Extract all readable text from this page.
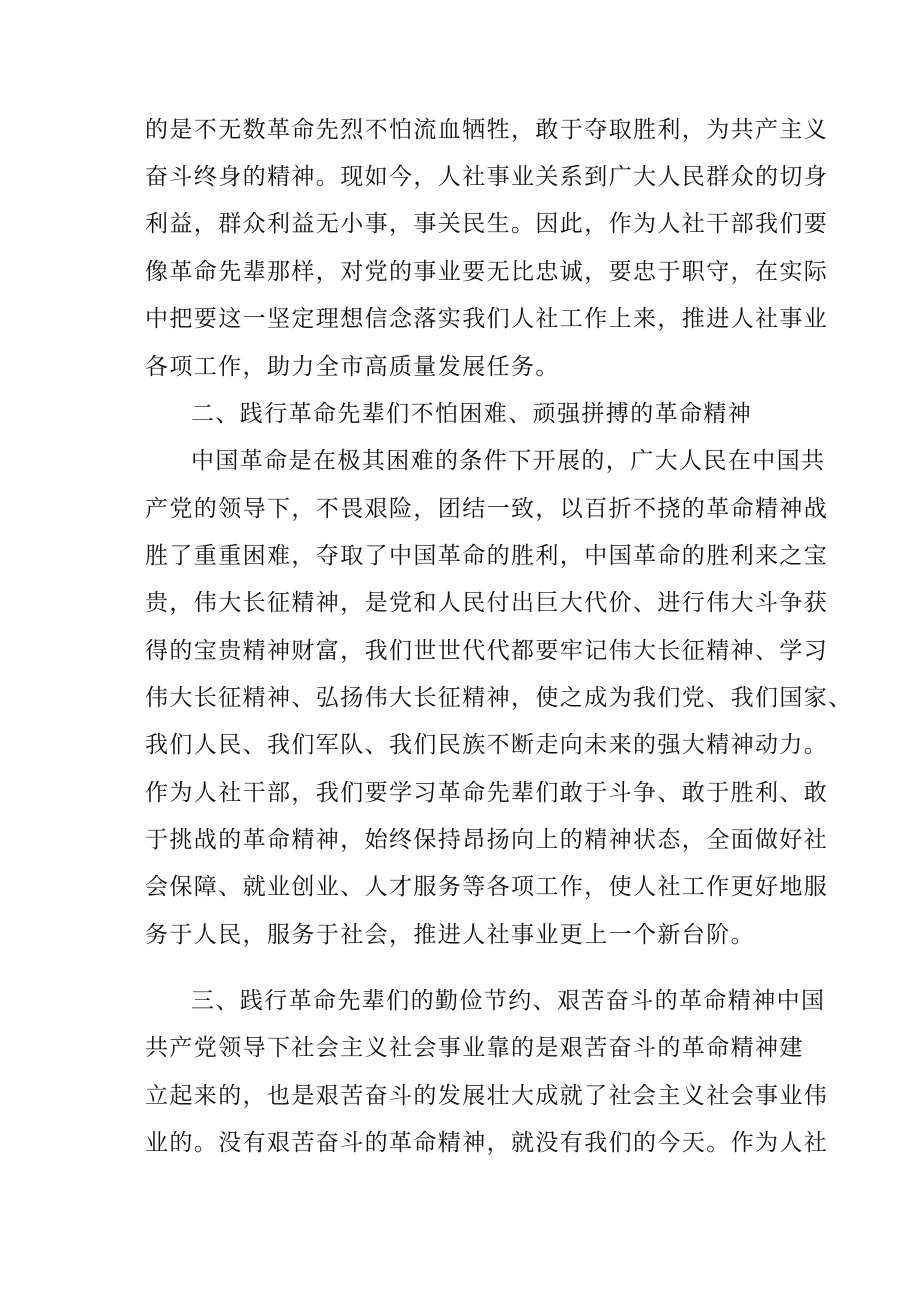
的是不无数革命先烈不怕流血牺牲，敢于夺取胜利，为共产主义
奋斗终身的精神。现如今，人社事业关系到广大人民群众的切身
利益，群众利益无小事，事关民生。因此，作为人社干部我们要
像革命先辈那样，对党的事业要无比忠诚，要忠于职守，在实际
中把要这一坚定理想信念落实我们人社工作上来，推进人社事业
各项工作，助力全市高质量发展任务。
二、践行革命先辈们不怕困难、顽强拼搏的革命精神
中国革命是在极其困难的条件下开展的，广大人民在中国共
产党的领导下，不畏艰险，团结一致，以百折不挠的革命精神战
胜了重重困难，夺取了中国革命的胜利，中国革命的胜利来之宝
贵，伟大长征精神，是党和人民付出巨大代价、进行伟大斗争获
得的宝贵精神财富，我们世世代代都要牢记伟大长征精神、学习
伟大长征精神、弘扬伟大长征精神，使之成为我们党、我们国家、
我们人民、我们军队、我们民族不断走向未来的强大精神动力。
作为人社干部，我们要学习革命先辈们敢于斗争、敢于胜利、敢
于挑战的革命精神，始终保持昂扬向上的精神状态，全面做好社
会保障、就业创业、人才服务等各项工作，使人社工作更好地服
务于人民，服务于社会，推进人社事业更上一个新台阶。
三、践行革命先辈们的勤俭节约、艰苦奋斗的革命精神中国
共产党领导下社会主义社会事业靠的是艰苦奋斗的革命精神建
立起来的，也是艰苦奋斗的发展壮大成就了社会主义社会事业伟
业的。没有艰苦奋斗的革命精神，就没有我们的今天。作为人社
